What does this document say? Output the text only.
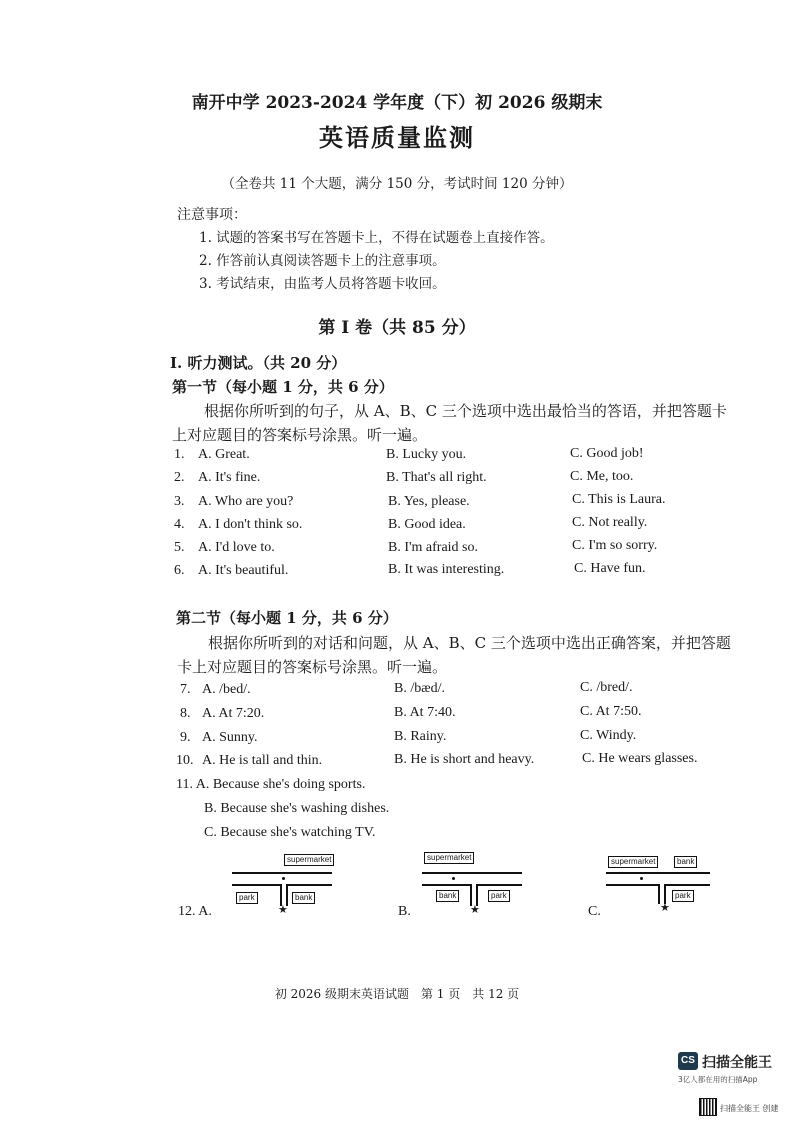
南开中学 2023-2024 学年度（下）初 2026 级期末
英语质量监测
（全卷共 11 个大题，满分 150 分，考试时间 120 分钟）
注意事项：
1. 试题的答案书写在答题卡上，不得在试题卷上直接作答。
2. 作答前认真阅读答题卡上的注意事项。
3. 考试结束，由监考人员将答题卡收回。
第 I 卷（共 85 分）
I. 听力测试。（共 20 分）
第一节（每小题 1 分，共 6 分）
根据你所听到的句子，从 A、B、C 三个选项中选出最恰当的答语，并把答题卡
上对应题目的答案标号涂黑。听一遍。
1. A. Great.	B. Lucky you.	C. Good job!
2. A. It's fine.	B. That's all right.	C. Me, too.
3. A. Who are you?	B. Yes, please.	C. This is Laura.
4. A. I don't think so.	B. Good idea.	C. Not really.
5. A. I'd love to.	B. I'm afraid so.	C. I'm so sorry.
6. A. It's beautiful.	B. It was interesting.	C. Have fun.
第二节（每小题 1 分，共 6 分）
根据你所听到的对话和问题，从 A、B、C 三个选项中选出正确答案，并把答题
卡上对应题目的答案标号涂黑。听一遍。
7. A. /bed/.	B. /bæd/.	C. /bred/.
8. A. At 7:20.	B. At 7:40.	C. At 7:50.
9. A. Sunny.	B. Rainy.	C. Windy.
10. A. He is tall and thin.	B. He is short and heavy.	C. He wears glasses.
11. A. Because she's doing sports.
B. Because she's washing dishes.
C. Because she's watching TV.
12. A.
supermarket
park	bank
★	B.
supermarket
bank	park
★	C.
supermarket	bank
park
★
初 2026 级期末英语试题　第 1 页　共 12 页
CS 扫描全能王
3亿人都在用的扫描App
扫描全能王 创建
